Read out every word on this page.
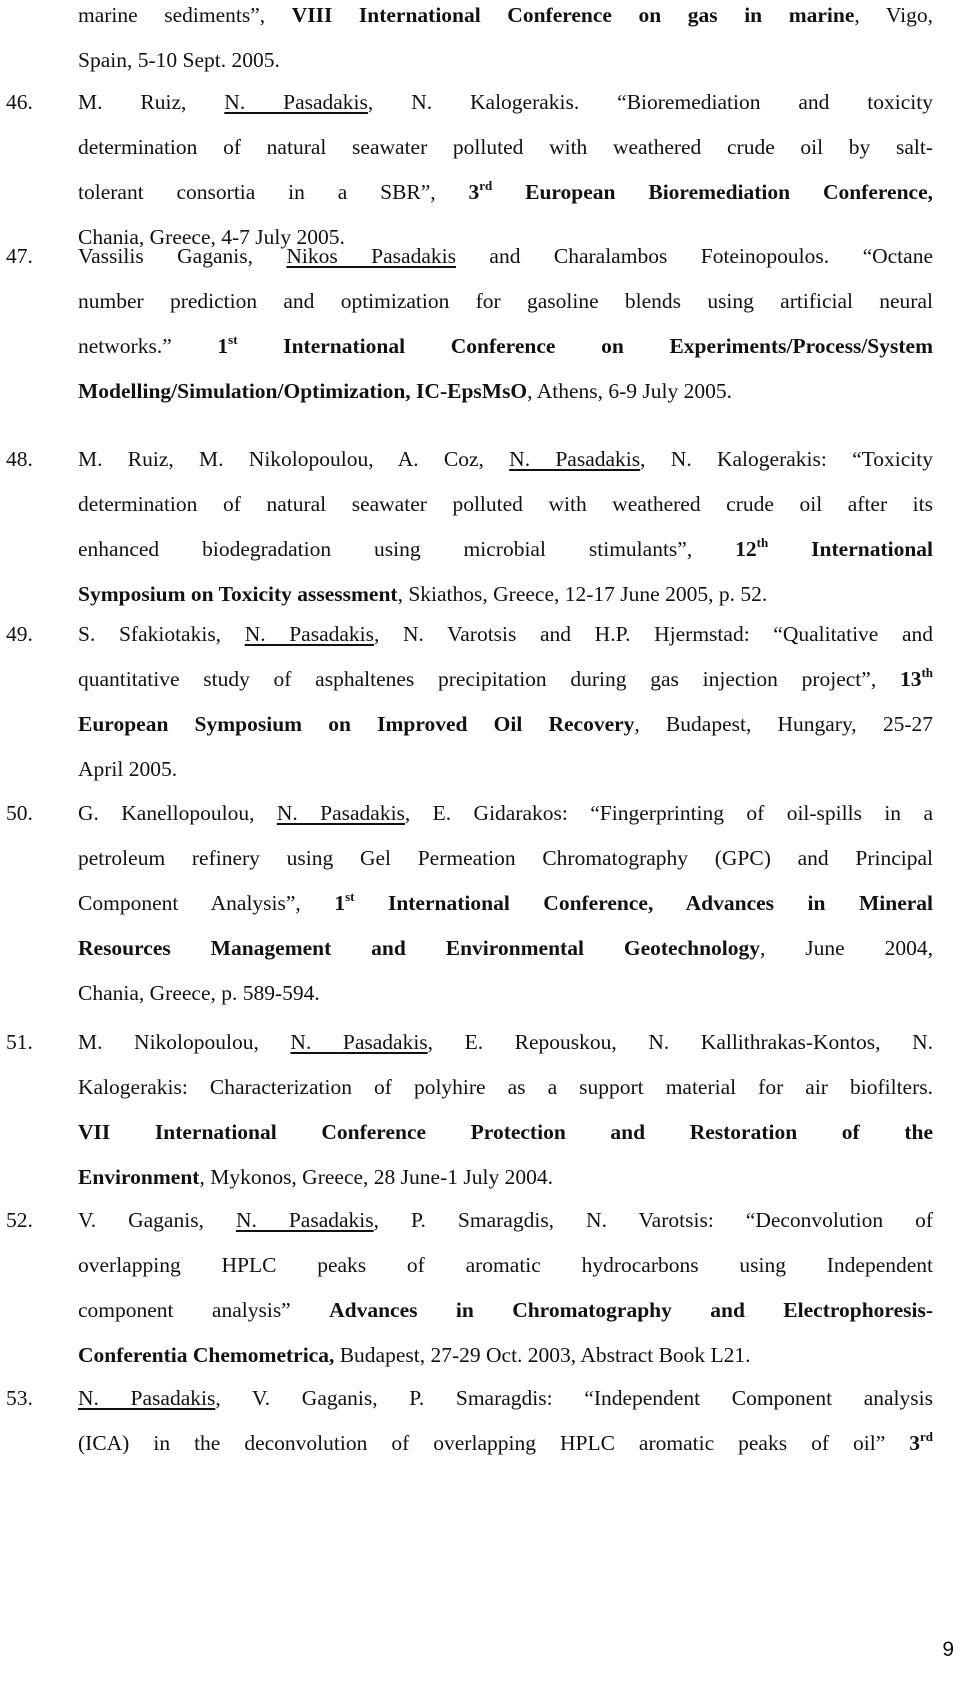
marine sediments”, VIII International Conference on gas in marine, Vigo,
Spain, 5-10 Sept. 2005.
46. M. Ruiz, N. Pasadakis, N. Kalogerakis. “Bioremediation and toxicity
determination of natural seawater polluted with weathered crude oil by salt-
tolerant consortia in a SBR”, 3rd European Bioremediation Conference,
Chania, Greece, 4-7 July 2005.
47. Vassilis Gaganis, Nikos Pasadakis and Charalambos Foteinopoulos. “Octane
number prediction and optimization for gasoline blends using artificial neural
networks.” 1st International Conference on Experiments/Process/System
Modelling/Simulation/Optimization, IC-EpsMsO, Athens, 6-9 July 2005.
48. M. Ruiz, M. Nikolopoulou, A. Coz, N. Pasadakis, N. Kalogerakis: “Toxicity
determination of natural seawater polluted with weathered crude oil after its
enhanced biodegradation using microbial stimulants”, 12th International
Symposium on Toxicity assessment, Skiathos, Greece, 12-17 June 2005, p. 52.
49. S. Sfakiotakis, N. Pasadakis, N. Varotsis and H.P. Hjermstad: “Qualitative and
quantitative study of asphaltenes precipitation during gas injection project”, 13th
European Symposium on Improved Oil Recovery, Budapest, Hungary, 25-27
April 2005.
50. G. Kanellopoulou, N. Pasadakis, E. Gidarakos: “Fingerprinting of oil-spills in a
petroleum refinery using Gel Permeation Chromatography (GPC) and Principal
Component Analysis”, 1st International Conference, Advances in Mineral
Resources Management and Environmental Geotechnology, June 2004,
Chania, Greece, p. 589-594.
51. M. Nikolopoulou, N. Pasadakis, E. Repouskou, N. Kallithrakas-Kontos, N.
Kalogerakis: Characterization of polyhire as a support material for air biofilters.
VII International Conference Protection and Restoration of the
Environment, Mykonos, Greece, 28 June-1 July 2004.
52. V. Gaganis, N. Pasadakis, P. Smaragdis, N. Varotsis: “Deconvolution of
overlapping HPLC peaks of aromatic hydrocarbons using Independent
component analysis” Advances in Chromatography and Electrophoresis-
Conferentia Chemometrica, Budapest, 27-29 Oct. 2003, Abstract Book L21.
53. N. Pasadakis, V. Gaganis, P. Smaragdis: “Independent Component analysis
(ICA) in the deconvolution of overlapping HPLC aromatic peaks of oil” 3rd
9
